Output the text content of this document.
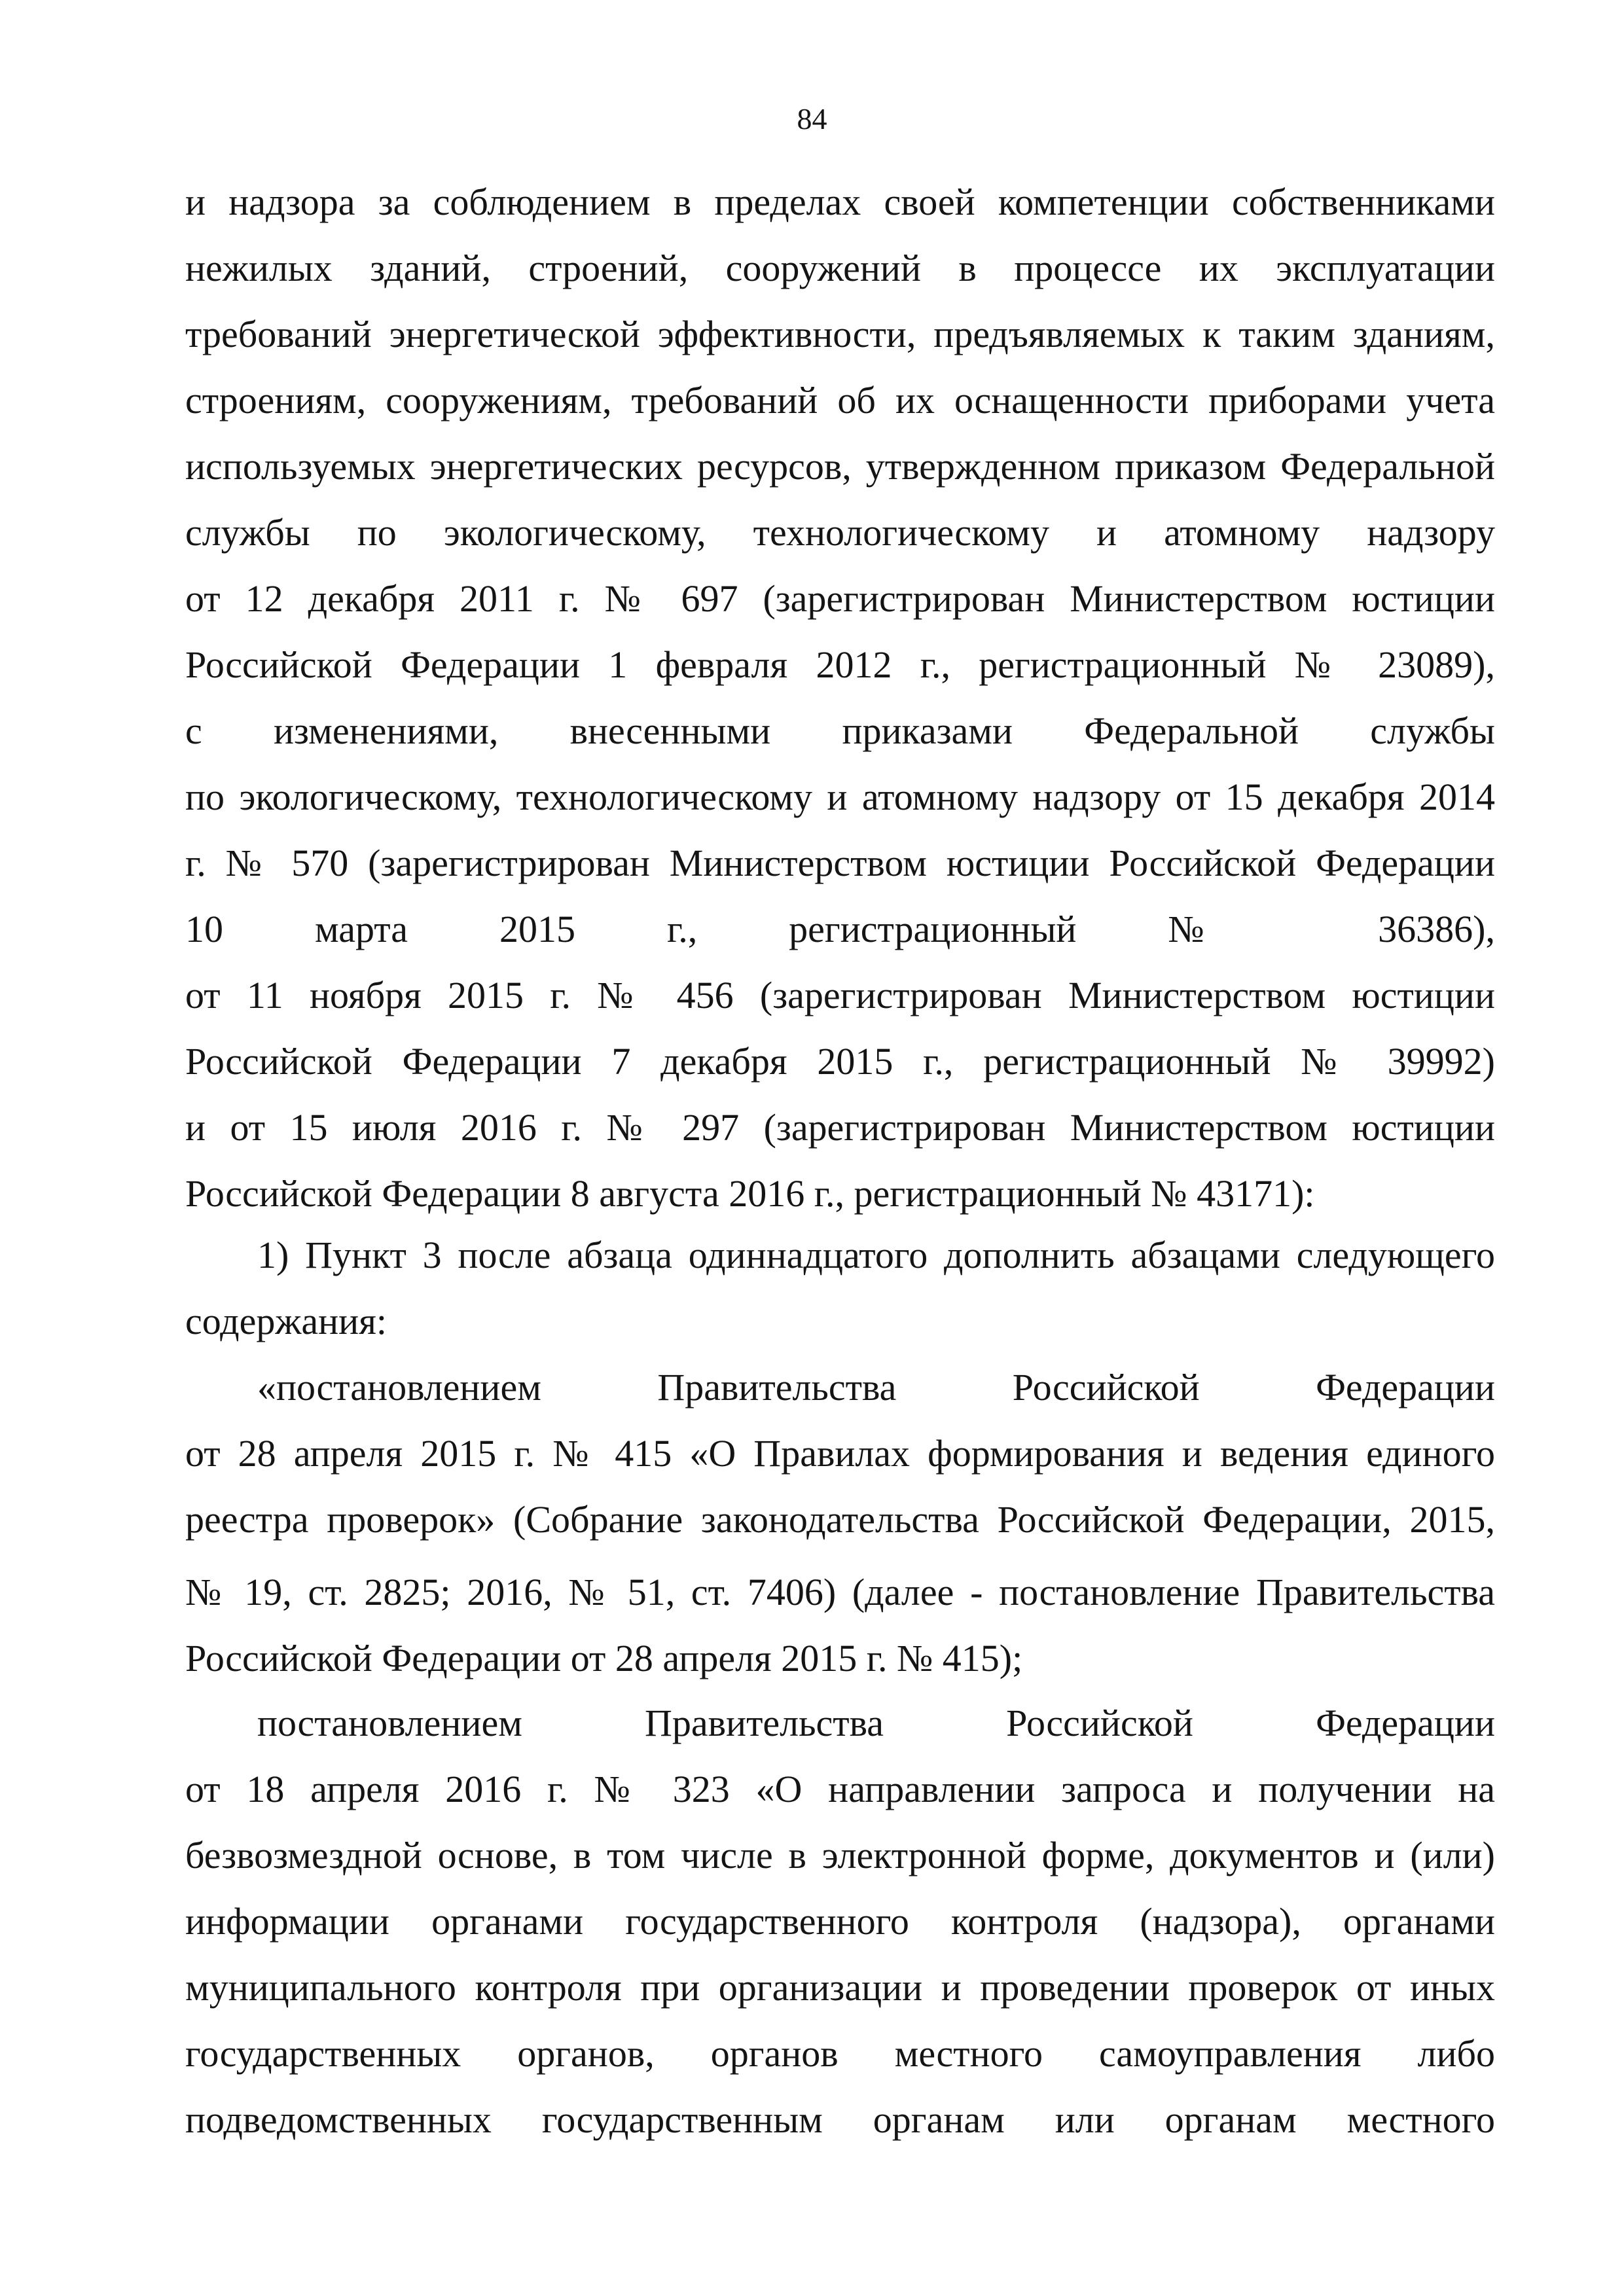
84
и надзора за соблюдением в пределах своей компетенции собственниками
нежилых зданий, строений, сооружений в процессе их эксплуатации
требований энергетической эффективности, предъявляемых к таким зданиям,
строениям, сооружениям, требований об их оснащенности приборами учета
используемых энергетических ресурсов, утвержденном приказом Федеральной
службы по экологическому, технологическому и атомному надзору
от 12 декабря 2011 г. № 697 (зарегистрирован Министерством юстиции
Российской Федерации 1 февраля 2012 г., регистрационный № 23089),
с изменениями, внесенными приказами Федеральной службы
по экологическому, технологическому и атомному надзору от 15 декабря 2014
г. № 570 (зарегистрирован Министерством юстиции Российской Федерации
10 марта 2015 г., регистрационный № 36386),
от 11 ноября 2015 г. № 456 (зарегистрирован Министерством юстиции
Российской Федерации 7 декабря 2015 г., регистрационный № 39992)
и от 15 июля 2016 г. № 297 (зарегистрирован Министерством юстиции
Российской Федерации 8 августа 2016 г., регистрационный № 43171):
1) Пункт 3 после абзаца одиннадцатого дополнить абзацами следующего
содержания:
«постановлением Правительства Российской Федерации
от 28 апреля 2015 г. № 415 «О Правилах формирования и ведения единого
реестра проверок» (Собрание законодательства Российской Федерации, 2015,
№ 19, ст. 2825; 2016, № 51, ст. 7406) (далее - постановление Правительства
Российской Федерации от 28 апреля 2015 г. № 415);
постановлением Правительства Российской Федерации
от 18 апреля 2016 г. № 323 «О направлении запроса и получении на
безвозмездной основе, в том числе в электронной форме, документов и (или)
информации органами государственного контроля (надзора), органами
муниципального контроля при организации и проведении проверок от иных
государственных органов, органов местного самоуправления либо
подведомственных государственным органам или органам местного
